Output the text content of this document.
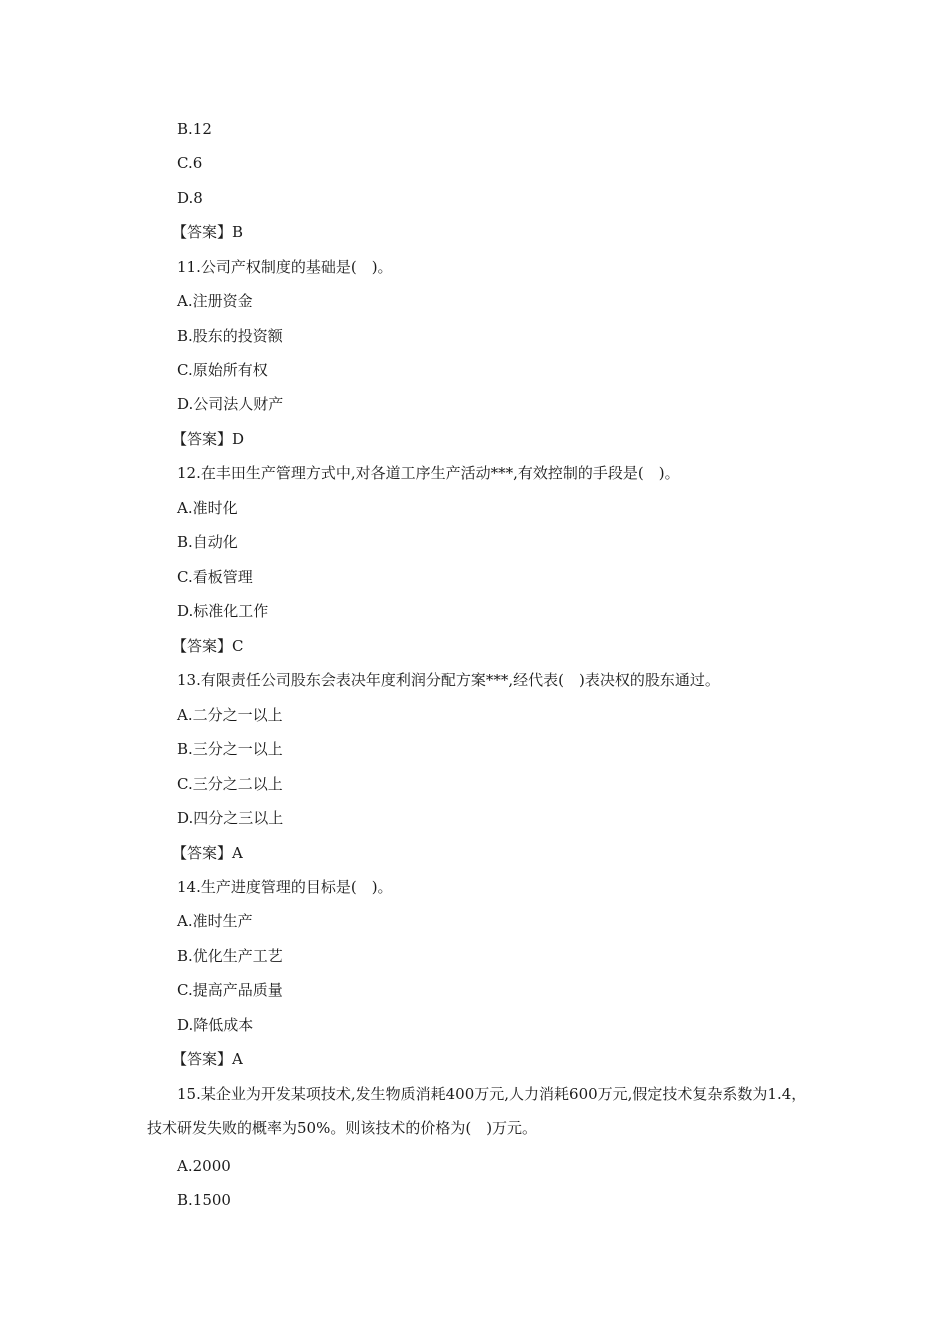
B.12
C.6
D.8
【答案】B
11.公司产权制度的基础是(　)。
A.注册资金
B.股东的投资额
C.原始所有权
D.公司法人财产
【答案】D
12.在丰田生产管理方式中,对各道工序生产活动***,有效控制的手段是(　)。
A.准时化
B.自动化
C.看板管理
D.标准化工作
【答案】C
13.有限责任公司股东会表决年度利润分配方案***,经代表(　)表决权的股东通过。
A.二分之一以上
B.三分之一以上
C.三分之二以上
D.四分之三以上
【答案】A
14.生产进度管理的目标是(　)。
A.准时生产
B.优化生产工艺
C.提高产品质量
D.降低成本
【答案】A
15.某企业为开发某项技术,发生物质消耗400万元,人力消耗600万元,假定技术复杂系数为1.4，技术研发失败的概率为50%。则该技术的价格为(　)万元。
A.2000
B.1500
